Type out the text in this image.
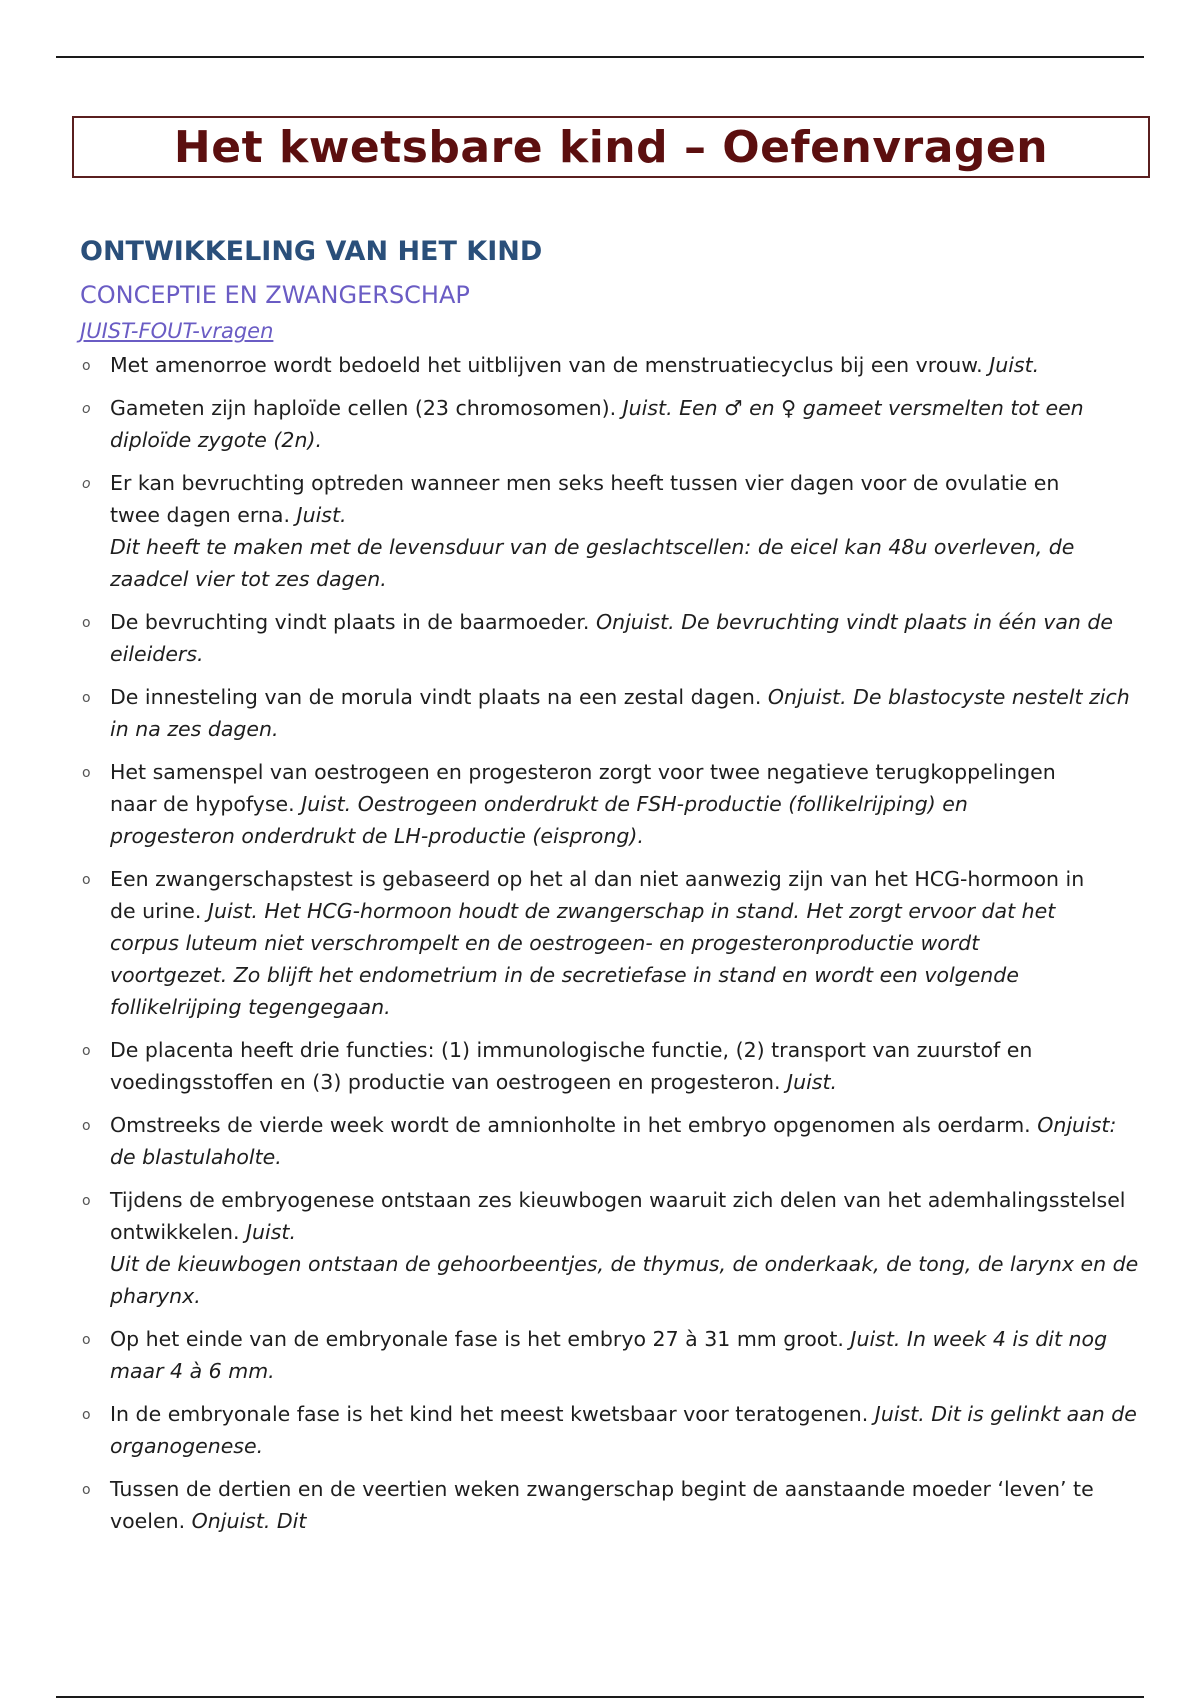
Het kwetsbare kind – Oefenvragen
ONTWIKKELING VAN HET KIND
CONCEPTIE EN ZWANGERSCHAP
JUIST-FOUT-vragen
o Met amenorroe wordt bedoeld het uitblijven van de menstruatiecyclus bij een vrouw. Juist.
o Gameten zijn haploïde cellen (23 chromosomen). Juist. Een ♂ en ♀ gameet versmelten tot een
diploïde zygote (2n).
o Er kan bevruchting optreden wanneer men seks heeft tussen vier dagen voor de ovulatie en
twee dagen erna. Juist.
Dit heeft te maken met de levensduur van de geslachtscellen: de eicel kan 48u overleven, de
zaadcel vier tot zes dagen.
o De bevruchting vindt plaats in de baarmoeder. Onjuist. De bevruchting vindt plaats in één van de
eileiders.
o De innesteling van de morula vindt plaats na een zestal dagen. Onjuist. De blastocyste nestelt zich
in na zes dagen.
o Het samenspel van oestrogeen en progesteron zorgt voor twee negatieve terugkoppelingen
naar de hypofyse. Juist. Oestrogeen onderdrukt de FSH-productie (follikelrijping) en
progesteron onderdrukt de LH-productie (eisprong).
o Een zwangerschapstest is gebaseerd op het al dan niet aanwezig zijn van het HCG-hormoon in
de urine. Juist. Het HCG-hormoon houdt de zwangerschap in stand. Het zorgt ervoor dat het
corpus luteum niet verschrompelt en de oestrogeen- en progesteronproductie wordt
voortgezet. Zo blijft het endometrium in de secretiefase in stand en wordt een volgende
follikelrijping tegengegaan.
o De placenta heeft drie functies: (1) immunologische functie, (2) transport van zuurstof en
voedingsstoffen en (3) productie van oestrogeen en progesteron. Juist.
o Omstreeks de vierde week wordt de amnionholte in het embryo opgenomen als oerdarm. Onjuist:
de blastulaholte.
o Tijdens de embryogenese ontstaan zes kieuwbogen waaruit zich delen van het ademhalingsstelsel
ontwikkelen. Juist.
Uit de kieuwbogen ontstaan de gehoorbeentjes, de thymus, de onderkaak, de tong, de larynx en de
pharynx.
o Op het einde van de embryonale fase is het embryo 27 à 31 mm groot. Juist. In week 4 is dit nog
maar 4 à 6 mm.
o In de embryonale fase is het kind het meest kwetsbaar voor teratogenen. Juist. Dit is gelinkt aan de
organogenese.
o Tussen de dertien en de veertien weken zwangerschap begint de aanstaande moeder ‘leven’ te
voelen. Onjuist. Dit
